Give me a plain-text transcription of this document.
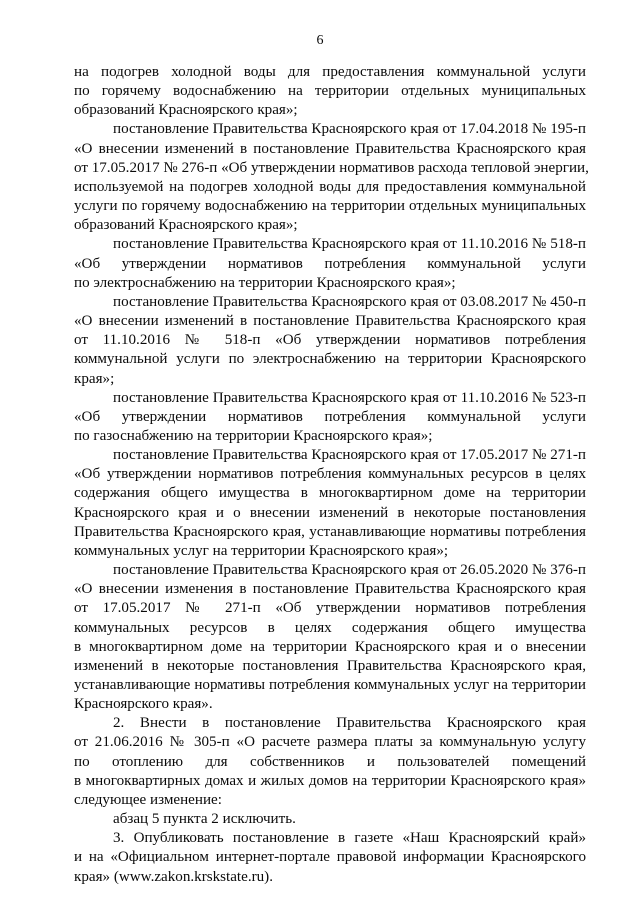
6

на подогрев холодной воды для предоставления коммунальной услуги
по горячему водоснабжению на территории отдельных муниципальных
образований Красноярского края»;

постановление Правительства Красноярского края от 17.04.2018 № 195-п
«О внесении изменений в постановление Правительства Красноярского края
от 17.05.2017 № 276-п «Об утверждении нормативов расхода тепловой энергии,
используемой на подогрев холодной воды для предоставления коммунальной
услуги по горячему водоснабжению на территории отдельных муниципальных
образований Красноярского края»;

постановление Правительства Красноярского края от 11.10.2016 № 518-п
«Об утверждении нормативов потребления коммунальной услуги
по электроснабжению на территории Красноярского края»;

постановление Правительства Красноярского края от 03.08.2017 № 450-п
«О внесении изменений в постановление Правительства Красноярского края
от 11.10.2016 № 518-п «Об утверждении нормативов потребления
коммунальной услуги по электроснабжению на территории Красноярского
края»;

постановление Правительства Красноярского края от 11.10.2016 № 523-п
«Об утверждении нормативов потребления коммунальной услуги
по газоснабжению на территории Красноярского края»;

постановление Правительства Красноярского края от 17.05.2017 № 271-п
«Об утверждении нормативов потребления коммунальных ресурсов в целях
содержания общего имущества в многоквартирном доме на территории
Красноярского края и о внесении изменений в некоторые постановления
Правительства Красноярского края, устанавливающие нормативы потребления
коммунальных услуг на территории Красноярского края»;

постановление Правительства Красноярского края от 26.05.2020 № 376-п
«О внесении изменения в постановление Правительства Красноярского края
от 17.05.2017 № 271-п «Об утверждении нормативов потребления
коммунальных ресурсов в целях содержания общего имущества
в многоквартирном доме на территории Красноярского края и о внесении
изменений в некоторые постановления Правительства Красноярского края,
устанавливающие нормативы потребления коммунальных услуг на территории
Красноярского края».

2. Внести в постановление Правительства Красноярского края
от 21.06.2016 № 305-п «О расчете размера платы за коммунальную услугу
по отоплению для собственников и пользователей помещений
в многоквартирных домах и жилых домов на территории Красноярского края»
следующее изменение:

абзац 5 пункта 2 исключить.

3. Опубликовать постановление в газете «Наш Красноярский край»
и на «Официальном интернет-портале правовой информации Красноярского
края» (www.zakon.krskstate.ru).
